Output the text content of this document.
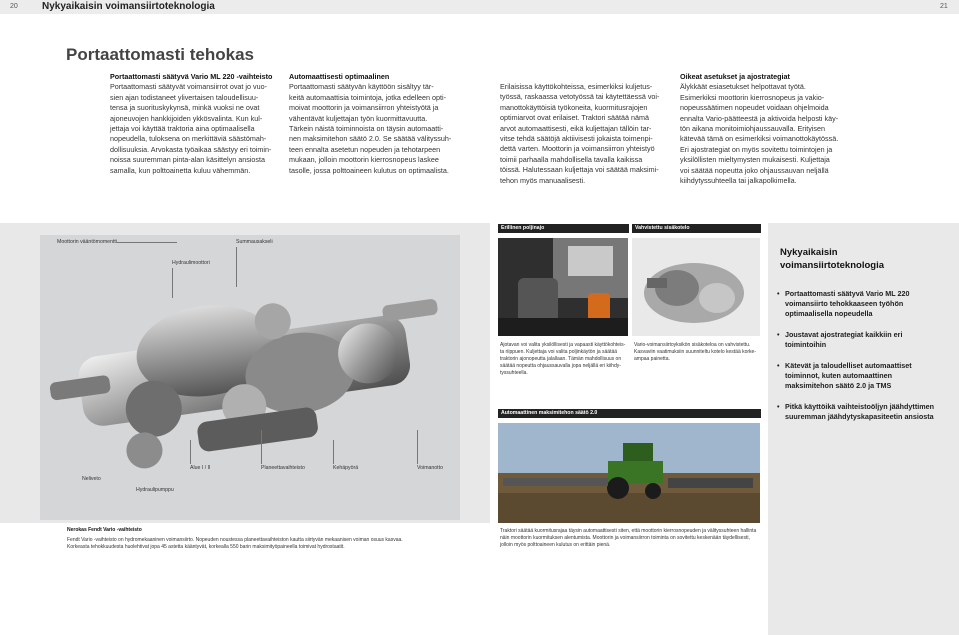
20 Nykyaikaisin voimansiirtoteknologia	21
Portaattomasti tehokas
Portaattomasti säätyvä Vario ML 220 -vaihteisto
Portaattomasti säätyvät voimansiirrot ovat jo vuo-
sien ajan todistaneet ylivertaisen taloudellisuu-
tensa ja suorituskykynsä, minkä vuoksi ne ovat
ajoneuvojen hankkijoiden ykkösvalinta. Kun kul-
jettaja voi käyttää traktoria aina optimaalisella
nopeudella, tuloksena on merkittäviä säästömah-
dollisuuksia. Arvokasta työaikaa säästyy eri toimin-
noissa suuremman pinta-alan käsittelyn ansiosta
samalla, kun polttoainetta kuluu vähemmän.
Automaattisesti optimaalinen
Portaattomasti säätyvän käyttöön sisältyy tär-
keitä automaattisia toimintoja, jotka edelleen opti-
moivat moottorin ja voimansiirron yhteistyötä ja
vähentävät kuljettajan työn kuormittavuutta.
Tärkein näistä toiminnoista on täysin automaatti-
nen maksimitehon säätö 2.0. Se säätää välityssuh-
teen ennalta asetetun nopeuden ja tehotarpeen
mukaan, jolloin moottorin kierrosnopeus laskee
tasolle, jossa polttoaineen kulutus on optimaalista.
Erilaisissa käyttökohteissa, esimerkiksi kuljetus-
työssä, raskaassa vetotyössä tai käytettäessä voi-
manottokäyttöisiä työkoneita, kuormitusrajojen
optimiarvot ovat erilaiset. Traktori säätää nämä
arvot automaattisesti, eikä kuljettajan tällöin tar-
vitse tehdä säätöjä aktiivisesti jokaista toimenpi-
dettä varten. Moottorin ja voimansiirron yhteistyö
toimii parhaalla mahdollisella tavalla kaikissa
töissä. Halutessaan kuljettaja voi säätää maksimi-
tehon myös manuaalisesti.
Oikeat asetukset ja ajostrategiat
Älykkäät esiasetukset helpottavat työtä.
Esimerkiksi moottorin kierrosnopeus ja vakio-
nopeussäätimen nopeudet voidaan ohjelmoida
ennalta Vario-päätteestä ja aktivoida helposti käy-
tön aikana monitoimiohjaussauvalla. Erityisen
kätevää tämä on esimerkiksi voimanottokäytössä.
Eri ajostrategiat on myös sovitettu toimintojen ja
yksilöllisten mieltymysten mukaisesti. Kuljettaja
voi säätää nopeutta joko ohjaussauvan neljällä
kiihdytyssuhteella tai jalkapolkimella.
Moottorin vääntömomentti	Summausakseli
Hydraulimoottori
Alue I / II	Planeettavaihteisto	Kehäpyörä	Voimanotto
Neliveto
Hydraulipumppu
Nerokas Fendt Vario -vaihteisto
Fendt Vario -vaihteisto on hydromekaaninen voimansiirto. Nopeuden noustessa planeettavaihteiston kautta siirtyvän mekaanisen voiman osuus kasvaa.
Korkeasta tehokkuudesta huolehtivat jopa 45 astetta kääntyvät, korkealla 550 barin maksimityöpaineella toimivat hydrostaatit.
Erillinen poljinajo
Ajotavan voi valita yksilöllisesti ja vapaasti käyttökohteis-
ta riippuen. Kuljettaja voi valita poljinkäytön ja säätää
traktorin ajonopeutta jalallaan. Tämän mahdollisuus on
säätää nopeutta ohjaussauvalla jopa neljällä eri kiihdy-
tyssuhteella.
Vahvistettu sisäkotelo
Vario-voimansiirtoyksikön sisäkoteloa on vahvistettu.
Kasvaviin vaatimuksiin suunniteltu kotelo kestää korke-
ampaa painetta.
Automaattinen maksimitehon säätö 2.0
Traktori säätää kuormitusrajaa täysin automaattisesti siten, että moottorin kierrosnopeuden ja välityssuhteen hallinta
näin moottorin kuormituksen alentumista. Moottorin ja voimansiirron toiminta on sovitettu keskenään täydellisesti,
jolloin myös polttoaineen kulutus on erittäin pienä.
Nykyaikaisin voimansiirtoteknologia
• Portaattomasti säätyvä Vario ML 220 voimansiirto tehokkaaseen työhön optimaalisella nopeudella
• Joustavat ajostrategiat kaikkiin eri toimintoihin
• Kätevät ja taloudelliset automaattiset toiminnot, kuten automaattinen maksimitehon säätö 2.0 ja TMS
• Pitkä käyttöikä vaihteistoöljyn jäähdyttimen suuremman jäähdytyskapasiteetin ansiosta
